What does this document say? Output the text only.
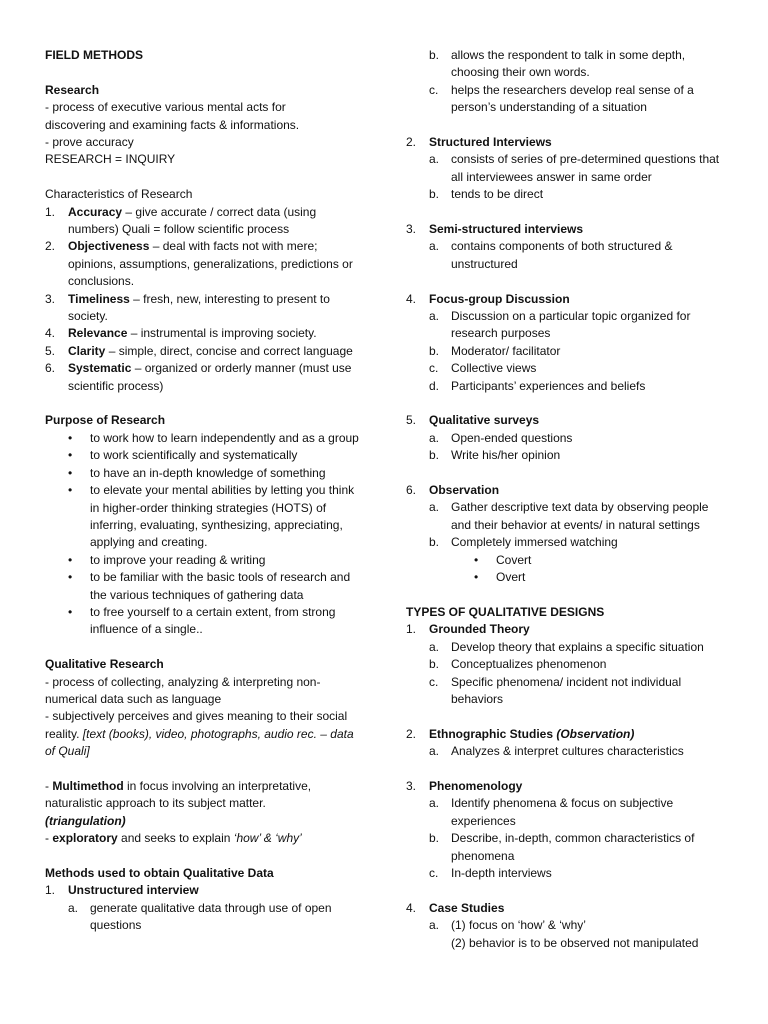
FIELD METHODS
Research
- process of executive various mental acts for
discovering and examining facts & informations.
- prove accuracy
RESEARCH = INQUIRY
Characteristics of Research
1.	Accuracy – give accurate / correct data (using numbers) Quali = follow scientific process
2.	Objectiveness – deal with facts not with mere; opinions, assumptions, generalizations, predictions or conclusions.
3.	Timeliness – fresh, new, interesting to present to society.
4.	Relevance – instrumental is improving society.
5.	Clarity – simple, direct, concise and correct language
6.	Systematic – organized or orderly manner (must use scientific process)
Purpose of Research
•
to work how to learn independently and as a group
•
to work scientifically and systematically
•
to have an in-depth knowledge of something
•
to elevate your mental abilities by letting you think in higher-order thinking strategies (HOTS) of inferring, evaluating, synthesizing, appreciating, applying and creating.
•
to improve your reading & writing
•
to be familiar with the basic tools of research and the various techniques of gathering data
•
to free yourself to a certain extent, from strong influence of a single..
Qualitative Research
- process of collecting, analyzing & interpreting non-numerical data such as language
- subjectively perceives and gives meaning to their social reality. [text (books), video, photographs, audio rec. – data of Quali]
- Multimethod in focus involving an interpretative, naturalistic approach to its subject matter.
(triangulation)
- exploratory and seeks to explain ‘how’ & ‘why’
Methods used to obtain Qualitative Data
1.	Unstructured interview
a. generate qualitative data through use of open questions
b. allows the respondent to talk in some depth, choosing their own words.
c.	helps the researchers develop real sense of a person’s understanding of a situation
2.	Structured Interviews
a. consists of series of pre-determined questions that all interviewees answer in same order
b. tends to be direct
3.	Semi-structured interviews
a. contains components of both structured & unstructured
4.	Focus-group Discussion
a. Discussion on a particular topic organized for research purposes
b. Moderator/ facilitator
c.	Collective views
d. Participants’ experiences and beliefs
5.	Qualitative surveys
a. Open-ended questions
b. Write his/her opinion
6.	Observation
a. Gather descriptive text data by observing people and their behavior at events/ in natural settings
b. Completely immersed watching
•
Covert
•
Overt
TYPES OF QUALITATIVE DESIGNS
1.	Grounded Theory
a. Develop theory that explains a specific situation
b. Conceptualizes phenomenon
c.	Specific phenomena/ incident not individual behaviors
2.	Ethnographic Studies (Observation)
a. Analyzes & interpret cultures characteristics
3.	Phenomenology
a. Identify phenomena & focus on subjective experiences
b. Describe, in-depth, common characteristics of phenomena
c.	In-depth interviews
4.	Case Studies
a. (1) focus on ‘how’ & ‘why’
(2) behavior is to be observed not manipulated
